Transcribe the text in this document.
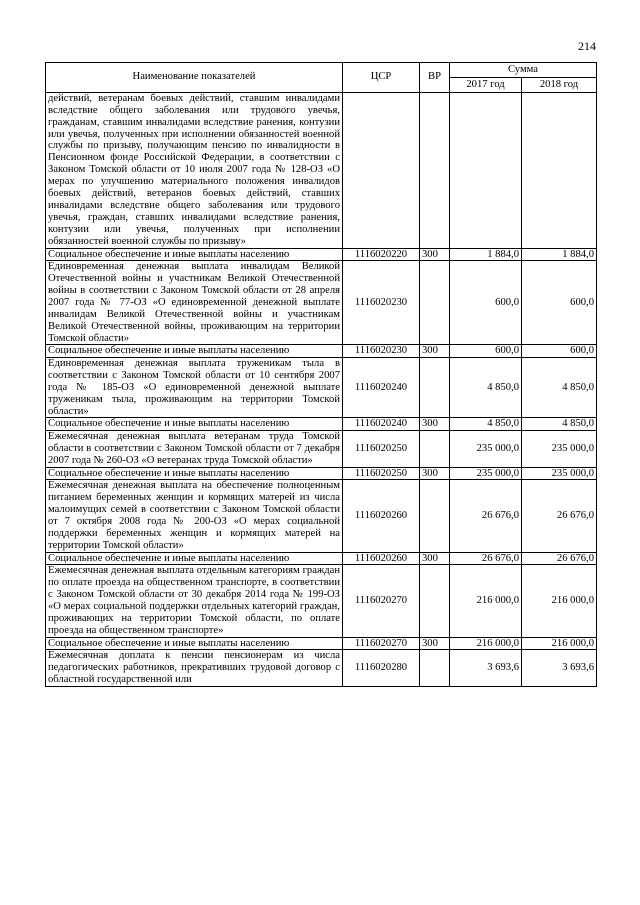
214
Наименование показателей	ЦСР	ВР	Сумма	
			2017 год	2018 год
действий, ветеранам боевых действий, ставшим инвалидами вследствие общего заболевания или трудового увечья, гражданам, ставшим инвалидами вследствие ранения, контузии или увечья, полученных при исполнении обязанностей военной службы по призыву, получающим пенсию по инвалидности в Пенсионном фонде Российской Федерации, в соответствии с Законом Томской области от 10 июля 2007 года № 128-ОЗ «О мерах по улучшению материального положения инвалидов боевых действий, ветеранов боевых действий, ставших инвалидами вследствие общего заболевания или трудового увечья, граждан, ставших инвалидами вследствие ранения, контузии или увечья, полученных при исполнении обязанностей военной службы по призыву»				
Социальное обеспечение и иные выплаты населению	1116020220	300	1 884,0	1 884,0
Единовременная денежная выплата инвалидам Великой Отечественной войны и участникам Великой Отечественной войны в соответствии с Законом Томской области от 28 апреля 2007 года № 77-ОЗ «О единовременной денежной выплате инвалидам Великой Отечественной войны и участникам Великой Отечественной войны, проживающим на территории Томской области»	1116020230		600,0	600,0
Социальное обеспечение и иные выплаты населению	1116020230	300	600,0	600,0
Единовременная денежная выплата труженикам тыла в соответствии с Законом Томской области от 10 сентября 2007 года № 185-ОЗ «О единовременной денежной выплате труженикам тыла, проживающим на территории Томской области»	1116020240		4 850,0	4 850,0
Социальное обеспечение и иные выплаты населению	1116020240	300	4 850,0	4 850,0
Ежемесячная денежная выплата ветеранам труда Томской области в соответствии с Законом Томской области от 7 декабря 2007 года № 260-ОЗ «О ветеранах труда Томской области»	1116020250		235 000,0	235 000,0
Социальное обеспечение и иные выплаты населению	1116020250	300	235 000,0	235 000,0
Ежемесячная денежная выплата на обеспечение полноценным питанием беременных женщин и кормящих матерей из числа малоимущих семей в соответствии с Законом Томской области от 7 октября 2008 года № 200-ОЗ «О мерах социальной поддержки беременных женщин и кормящих матерей на территории Томской области»	1116020260		26 676,0	26 676,0
Социальное обеспечение и иные выплаты населению	1116020260	300	26 676,0	26 676,0
Ежемесячная денежная выплата отдельным категориям граждан по оплате проезда на общественном транспорте, в соответствии с Законом Томской области от 30 декабря 2014 года № 199-ОЗ «О мерах социальной поддержки отдельных категорий граждан, проживающих на территории Томской области, по оплате проезда на общественном транспорте»	1116020270		216 000,0	216 000,0
Социальное обеспечение и иные выплаты населению	1116020270	300	216 000,0	216 000,0
Ежемесячная доплата к пенсии пенсионерам из числа педагогических работников, прекративших трудовой договор с областной государственной или	1116020280		3 693,6	3 693,6
